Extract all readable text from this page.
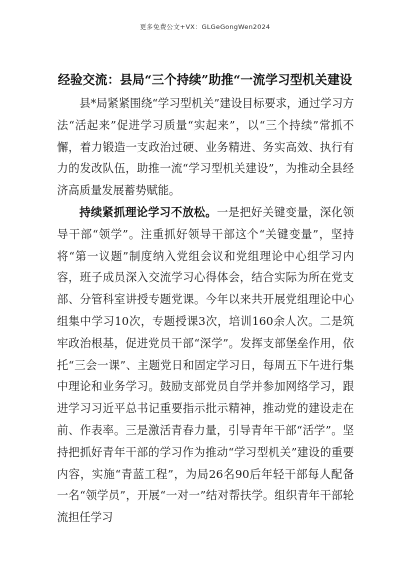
更多免费公文+VX：GLGeGongWen2024
经验交流：县局“三个持续”助推“一流学习型机关建设

县*局紧紧围绕“学习型机关”建设目标要求，通过学习方法“活起来”促进学习质量“实起来”，以“三个持续”常抓不懈，着力锻造一支政治过硬、业务精进、务实高效、执行有力的发改队伍，助推一流“学习型机关建设”，为推动全县经济高质量发展蓄势赋能。

持续紧抓理论学习不放松。一是把好关键变量，深化领导干部“领学”。注重抓好领导干部这个“关键变量”，坚持将“第一议题”制度纳入党组会议和党组理论中心组学习内容，班子成员深入交流学习心得体会，结合实际为所在党支部、分管科室讲授专题党课。今年以来共开展党组理论中心组集中学习10次，专题授课3次，培训160余人次。二是筑牢政治根基，促进党员干部“深学”。发挥支部堡垒作用，依托“三会一课”、主题党日和固定学习日，每周五下午进行集中理论和业务学习。鼓励支部党员自学并参加网络学习，跟进学习习近平总书记重要指示批示精神，推动党的建设走在前、作表率。三是激活青春力量，引导青年干部“活学”。坚持把抓好青年干部的学习作为推动“学习型机关”建设的重要内容，实施“青蓝工程”，为局26名90后年轻干部每人配备一名“领学员”，开展“一对一”结对帮扶学。组织青年干部轮流担任学习
